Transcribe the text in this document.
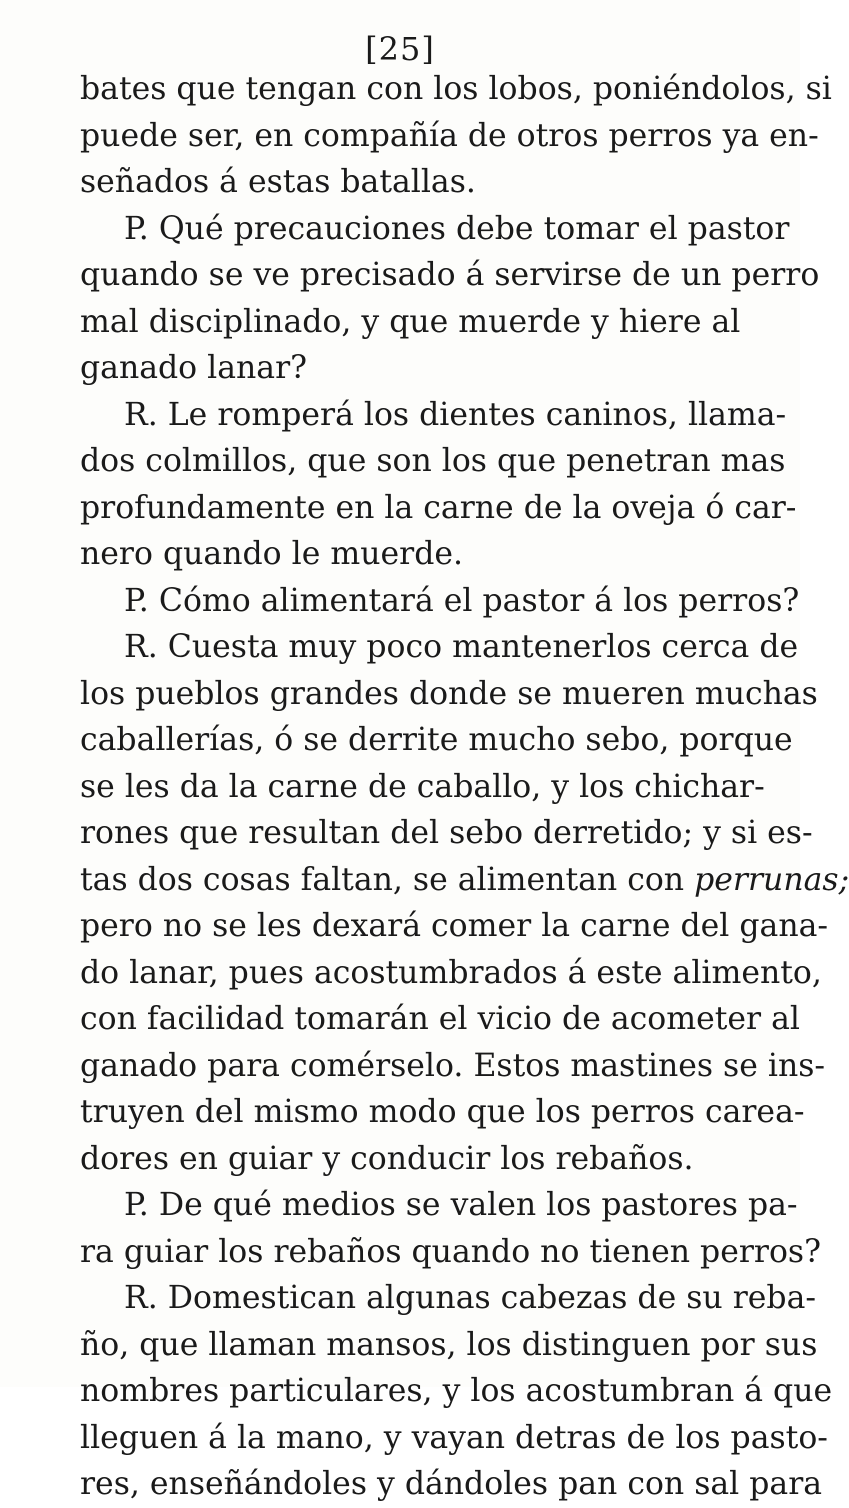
[25]
bates que tengan con los lobos, poniéndolos, si
puede ser, en compañía de otros perros ya en-
señados á estas batallas.
P. Qué precauciones debe tomar el pastor
quando se ve precisado á servirse de un perro
mal disciplinado, y que muerde y hiere al
ganado lanar?
R. Le romperá los dientes caninos, llama-
dos colmillos, que son los que penetran mas
profundamente en la carne de la oveja ó car-
nero quando le muerde.
P. Cómo alimentará el pastor á los perros?
R. Cuesta muy poco mantenerlos cerca de
los pueblos grandes donde se mueren muchas
caballerías, ó se derrite mucho sebo, porque
se les da la carne de caballo, y los chichar-
rones que resultan del sebo derretido; y si es-
tas dos cosas faltan, se alimentan con perrunas;
pero no se les dexará comer la carne del gana-
do lanar, pues acostumbrados á este alimento,
con facilidad tomarán el vicio de acometer al
ganado para comérselo. Estos mastines se ins-
truyen del mismo modo que los perros carea-
dores en guiar y conducir los rebaños.
P. De qué medios se valen los pastores pa-
ra guiar los rebaños quando no tienen perros?
R. Domestican algunas cabezas de su reba-
ño, que llaman mansos, los distinguen por sus
nombres particulares, y los acostumbran á que
lleguen á la mano, y vayan detras de los pasto-
res, enseñándoles y dándoles pan con sal para
